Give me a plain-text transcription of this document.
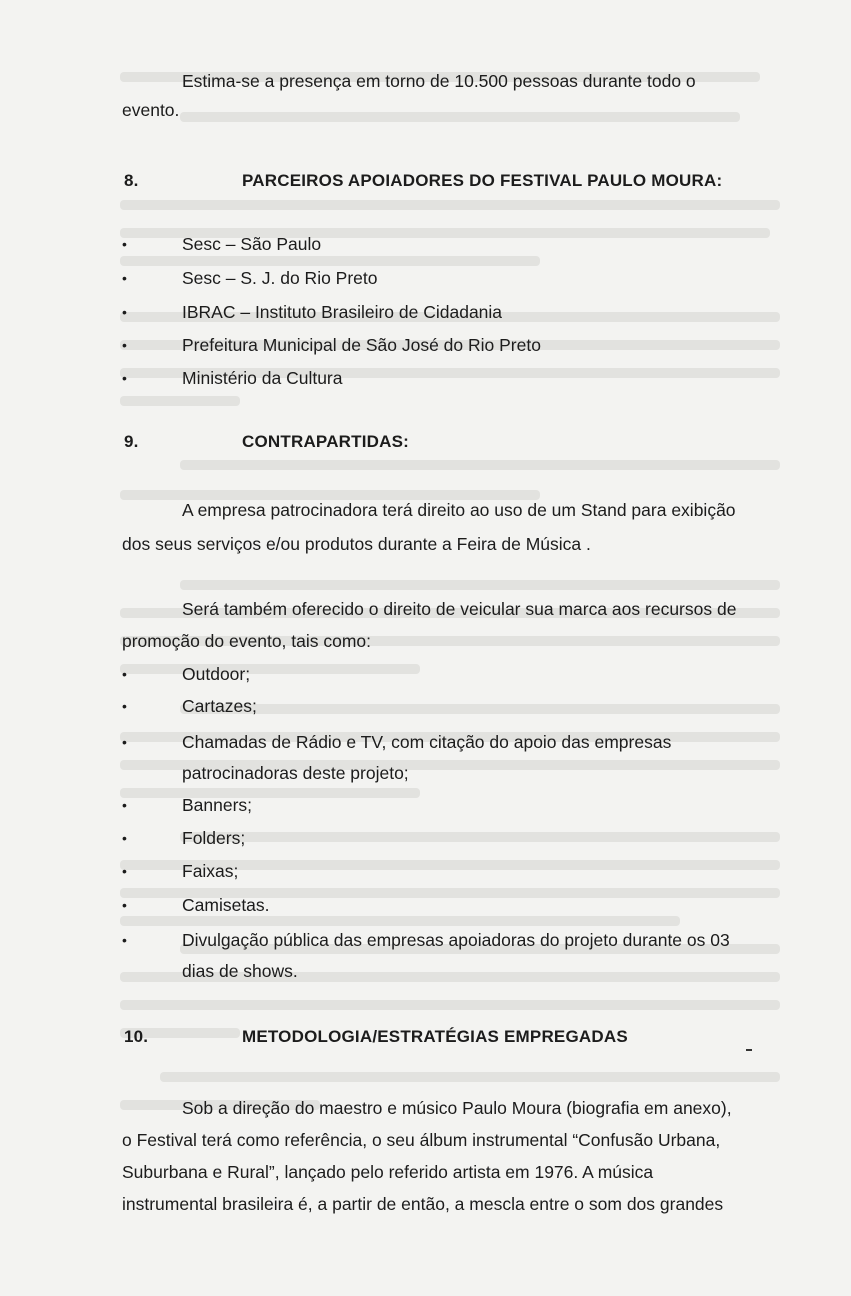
Estima-se a presença em torno de 10.500 pessoas durante todo o
evento.
8.	PARCEIROS APOIADORES DO FESTIVAL PAULO MOURA:
•	Sesc – São Paulo
•	Sesc – S. J. do Rio Preto
•	IBRAC – Instituto Brasileiro de Cidadania
•	Prefeitura Municipal de São José do Rio Preto
•	Ministério da Cultura
9.	CONTRAPARTIDAS:
A empresa patrocinadora terá direito ao uso de um Stand para exibição
dos seus serviços e/ou produtos durante a Feira de Música .
Será também oferecido o direito de veicular sua marca aos recursos de
promoção do evento, tais como:
•	Outdoor;
•	Cartazes;
•	Chamadas de Rádio e TV, com citação do apoio das empresas
patrocinadoras deste projeto;
•	Banners;
•	Folders;
•	Faixas;
•	Camisetas.
•	Divulgação pública das empresas apoiadoras do projeto durante os 03
dias de shows.
10.	METODOLOGIA/ESTRATÉGIAS EMPREGADAS
Sob a direção do maestro e músico Paulo Moura (biografia em anexo),
o Festival terá como referência, o seu álbum instrumental “Confusão Urbana,
Suburbana e Rural”, lançado pelo referido artista em 1976. A música
instrumental brasileira é, a partir de então, a mescla entre o som dos grandes
